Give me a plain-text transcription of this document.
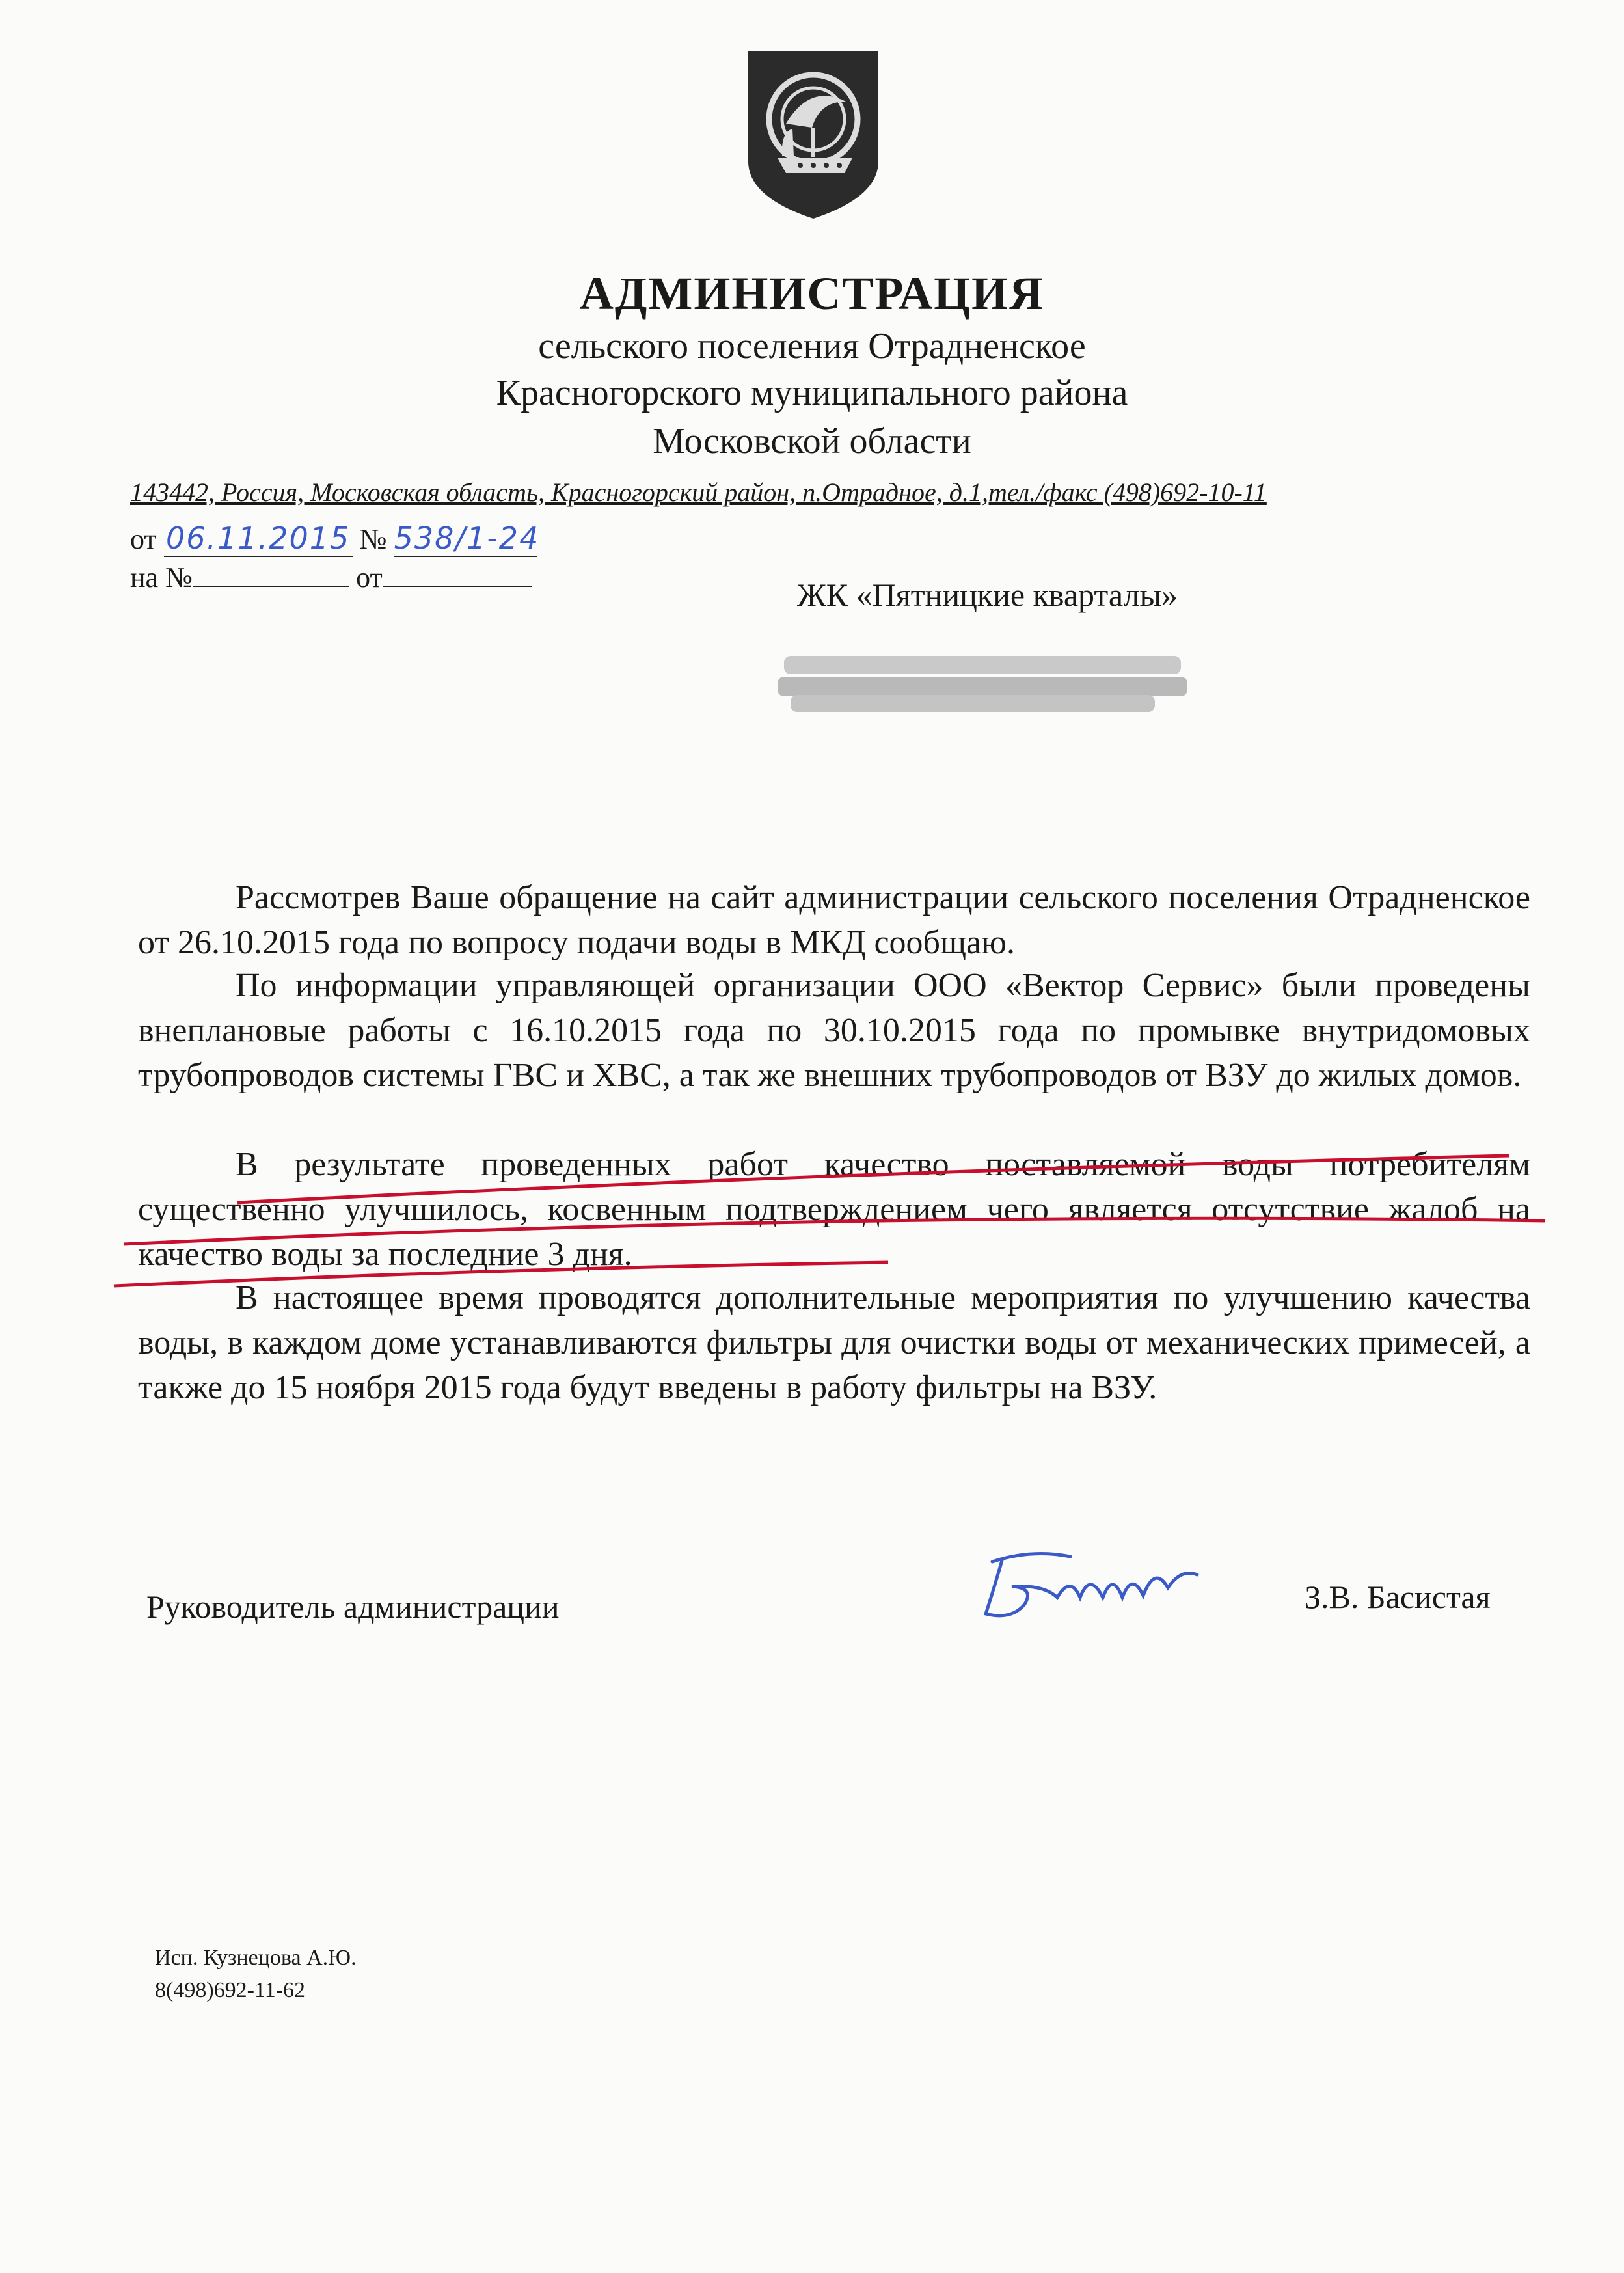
АДМИНИСТРАЦИЯ
сельского поселения Отрадненское
Красногорского муниципального района
Московской области
143442, Россия, Московская область, Красногорский район, п.Отрадное, д.1,тел./факс (498)692-10-11
от 06.11.2015 № 538/1-24
на №	от	ЖК «Пятницкие кварталы»
Рассмотрев Ваше обращение на сайт администрации сельского поселения Отрадненское от 26.10.2015 года по вопросу подачи воды в МКД сообщаю.
По информации управляющей организации ООО «Вектор Сервис» были проведены внеплановые работы с 16.10.2015 года по 30.10.2015 года по промывке внутридомовых трубопроводов системы ГВС и ХВС, а так же внешних трубопроводов от ВЗУ до жилых домов.
В результате проведенных работ качество поставляемой воды потребителям существенно улучшилось, косвенным подтверждением чего является отсутствие жалоб на качество воды за последние 3 дня.
В настоящее время проводятся дополнительные мероприятия по улучшению качества воды, в каждом доме устанавливаются фильтры для очистки воды от механических примесей, а также до 15 ноября 2015 года будут введены в работу фильтры на ВЗУ.
Руководитель администрации	З.В. Басистая
Исп. Кузнецова А.Ю.
8(498)692-11-62
